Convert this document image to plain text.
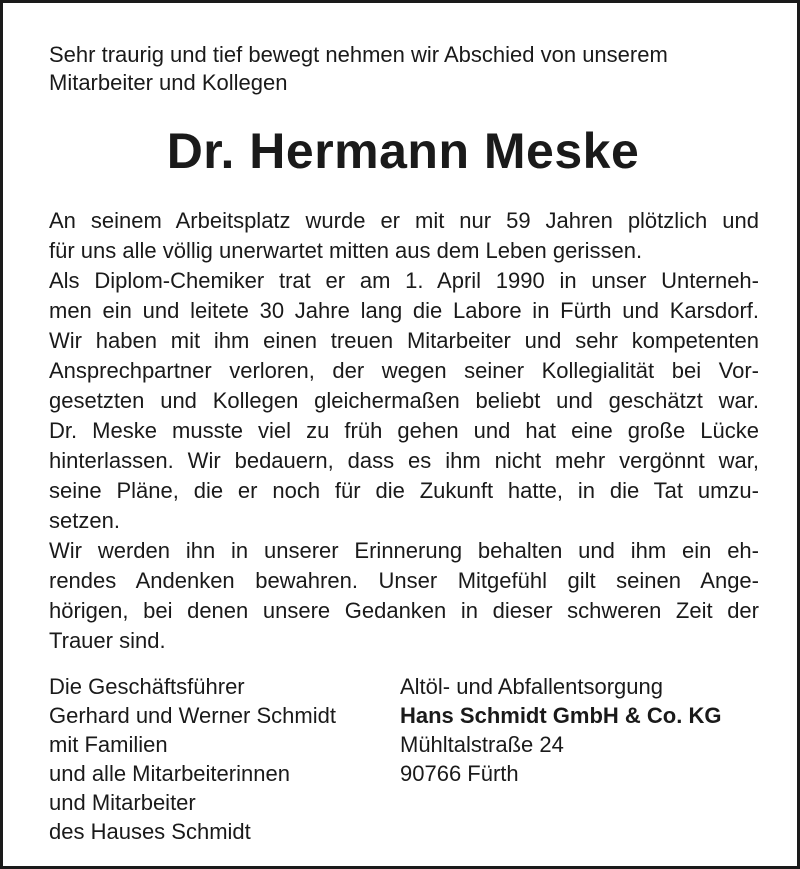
Sehr traurig und tief bewegt nehmen wir Abschied von unserem
Mitarbeiter und Kollegen
Dr. Hermann Meske
An seinem Arbeitsplatz wurde er mit nur 59 Jahren plötzlich und
für uns alle völlig unerwartet mitten aus dem Leben gerissen.
Als Diplom-Chemiker trat er am 1. April 1990 in unser Unterneh-
men ein und leitete 30 Jahre lang die Labore in Fürth und Karsdorf.
Wir haben mit ihm einen treuen Mitarbeiter und sehr kompetenten
Ansprechpartner verloren, der wegen seiner Kollegialität bei Vor-
gesetzten und Kollegen gleichermaßen beliebt und geschätzt war.
Dr. Meske musste viel zu früh gehen und hat eine große Lücke
hinterlassen. Wir bedauern, dass es ihm nicht mehr vergönnt war,
seine Pläne, die er noch für die Zukunft hatte, in die Tat umzu-
setzen.
Wir werden ihn in unserer Erinnerung behalten und ihm ein eh-
rendes Andenken bewahren. Unser Mitgefühl gilt seinen Ange-
hörigen, bei denen unsere Gedanken in dieser schweren Zeit der
Trauer sind.
Die Geschäftsführer
Gerhard und Werner Schmidt
mit Familien
und alle Mitarbeiterinnen
und Mitarbeiter
des Hauses Schmidt
Altöl- und Abfallentsorgung
Hans Schmidt GmbH & Co. KG
Mühltalstraße 24
90766 Fürth
